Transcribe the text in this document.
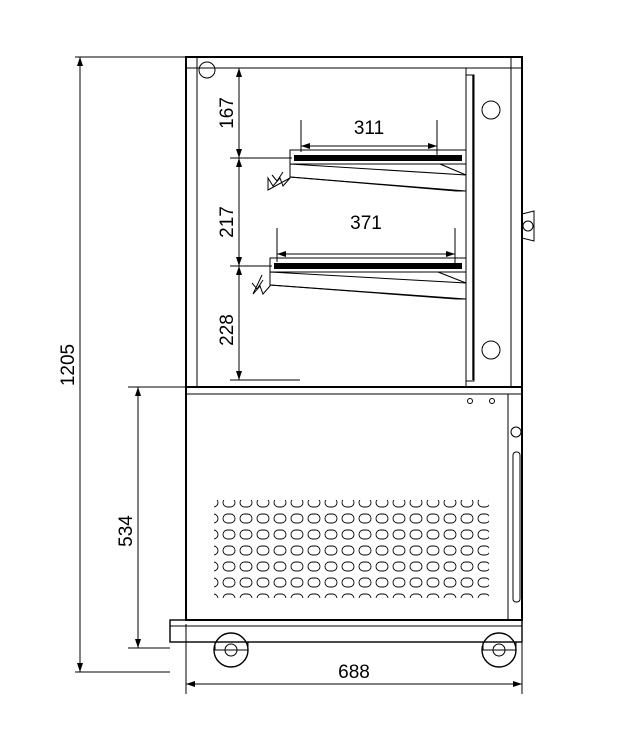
1205
167
217
228
311
371
534
688
